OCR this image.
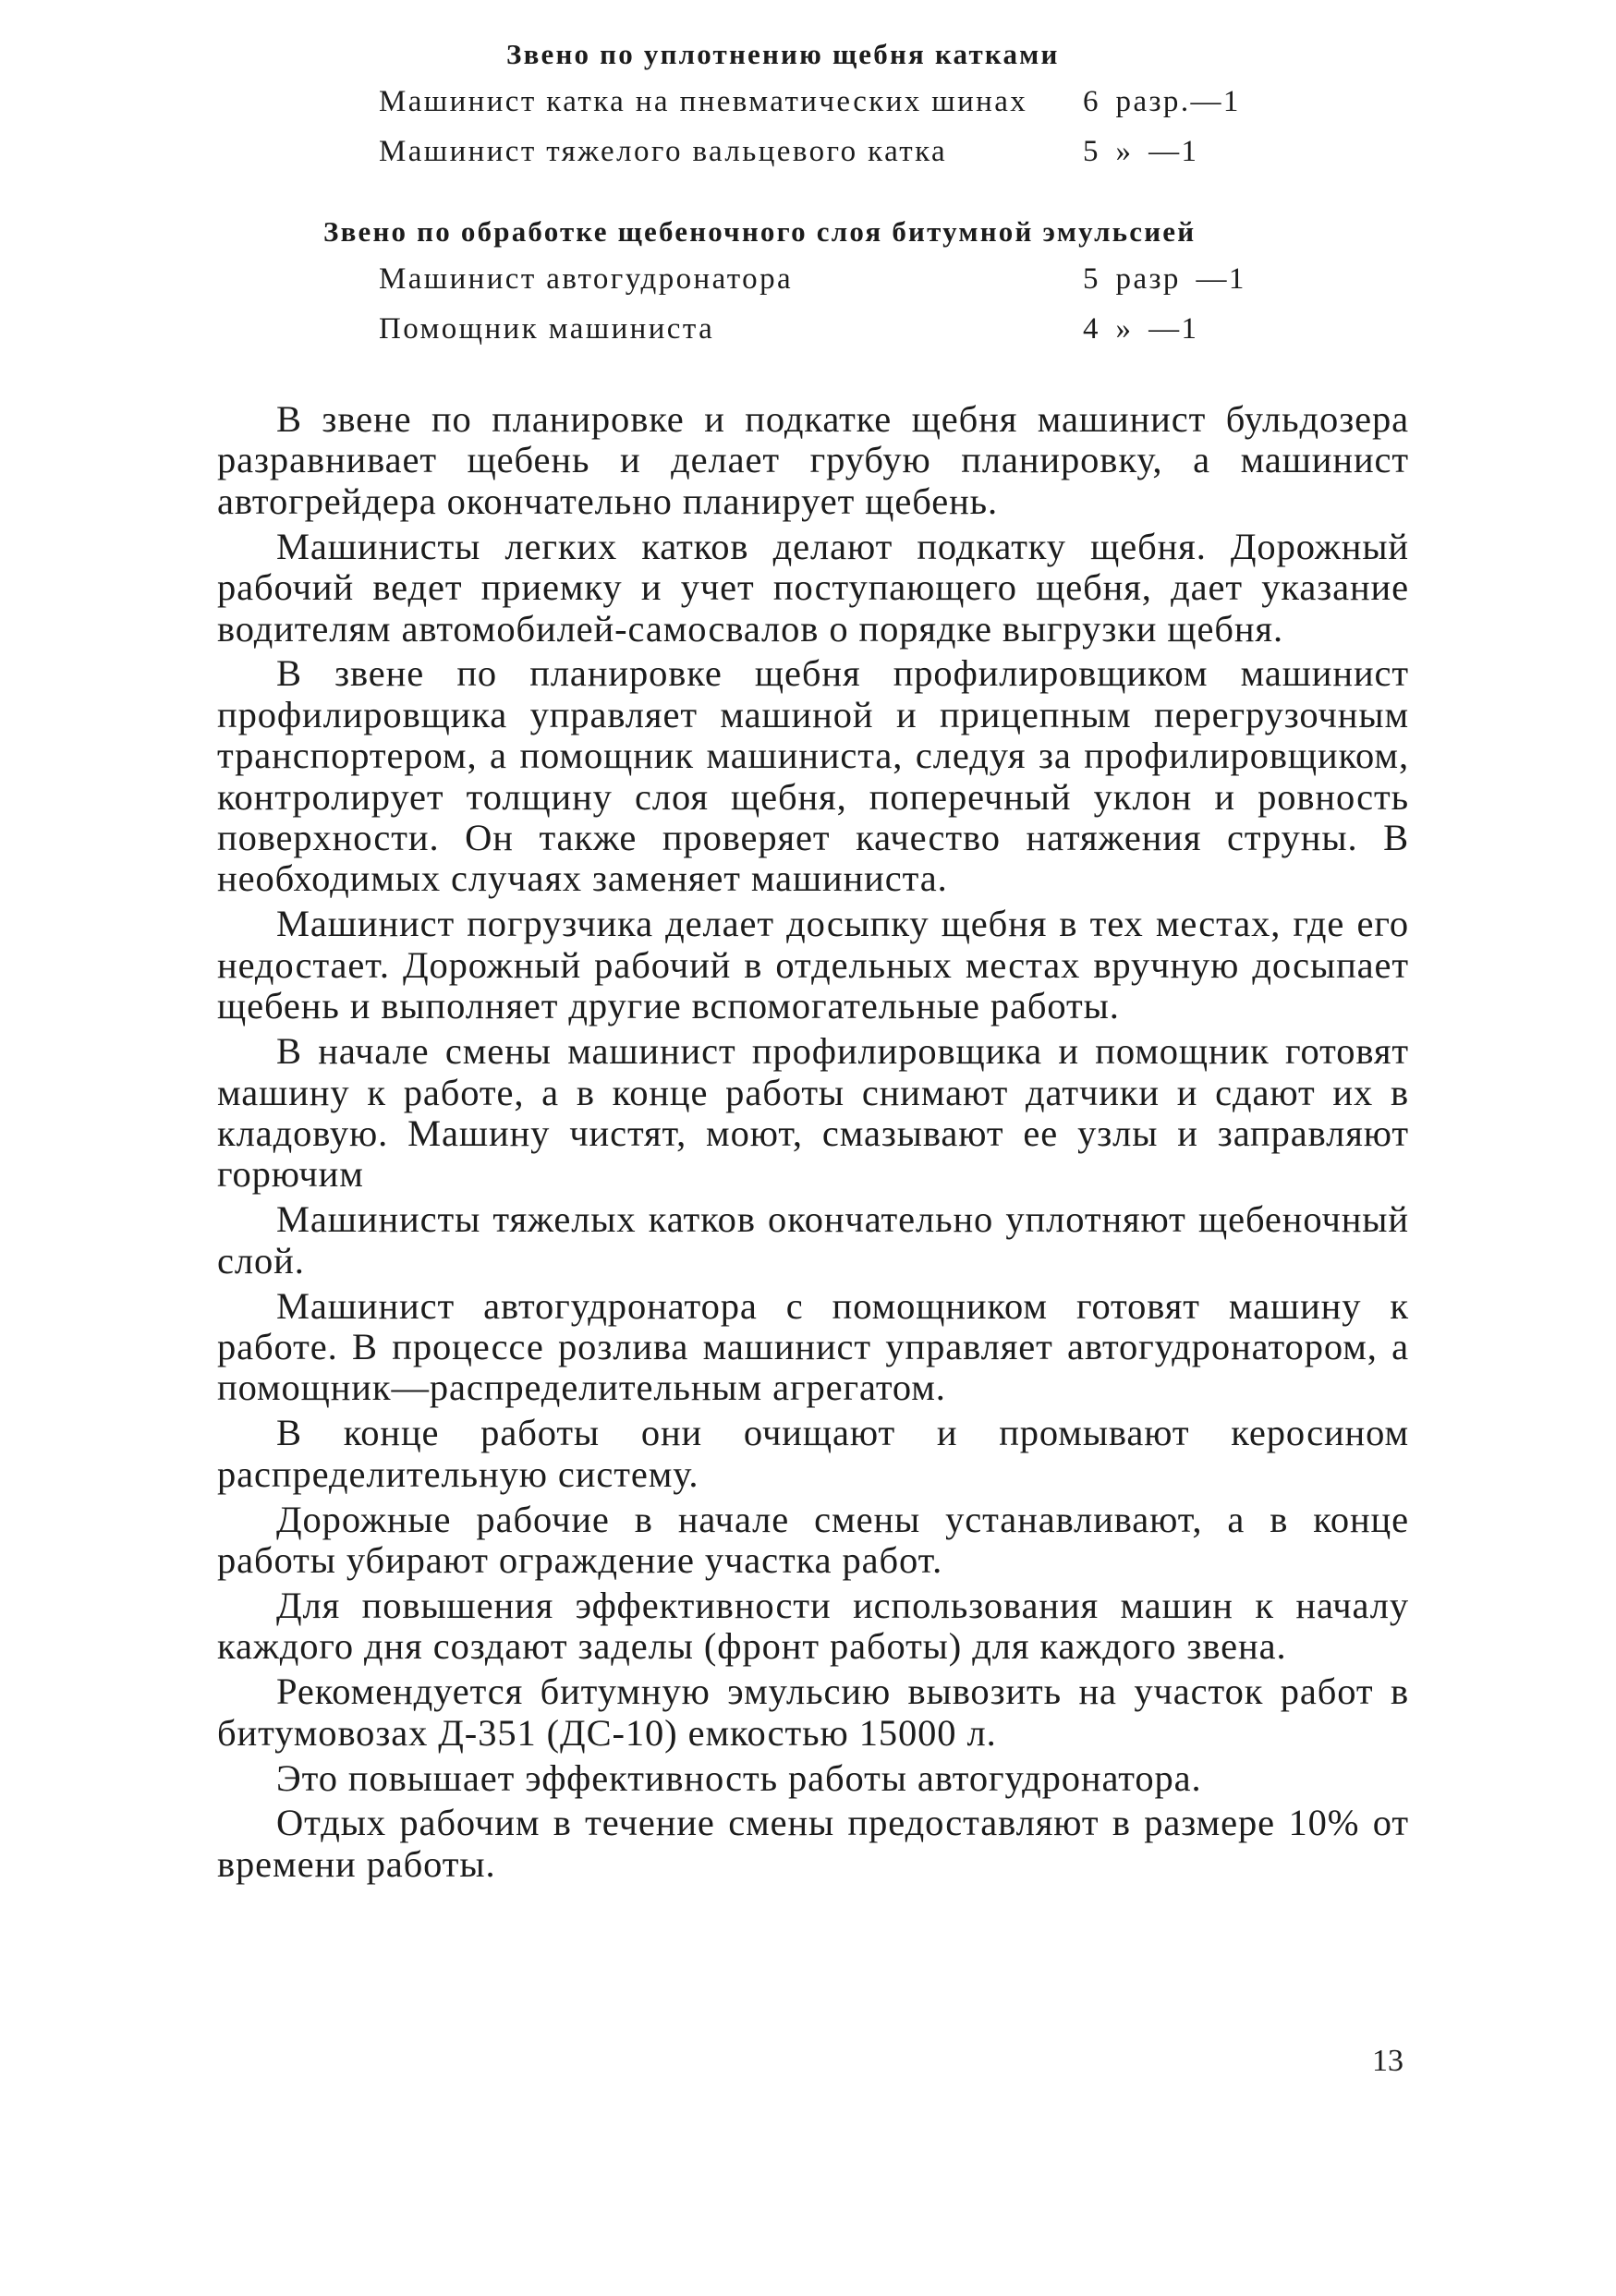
Звено по уплотнению щебня катками
Машинист катка на пневматических шинах 6 разр.—1
Машинист тяжелого вальцевого катка	5 » —1
Звено по обработке щебеночного слоя битумной эмульсией
Машинист автогудронатора	5 разр —1
Помощник машиниста	4 » —1

В звене по планировке и подкатке щебня машинист бульдозера разравнивает щебень и делает грубую планировку, а машинист автогрейдера окончательно планирует щебень.

Машинисты легких катков делают подкатку щебня. Дорожный рабочий ведет приемку и учет поступающего щебня, дает указание водителям автомобилей-самосвалов о порядке выгрузки щебня.

В звене по планировке щебня профилировщиком машинист профилировщика управляет машиной и прицепным перегрузочным транспортером, а помощник машиниста, следуя за профилировщиком, контролирует толщину слоя щебня, поперечный уклон и ровность поверхности. Он также проверяет качество натяжения струны. В необходимых случаях заменяет машиниста.

Машинист погрузчика делает досыпку щебня в тех местах, где его недостает. Дорожный рабочий в отдельных местах вручную досыпает щебень и выполняет другие вспомогательные работы.

В начале смены машинист профилировщика и помощник готовят машину к работе, а в конце работы снимают датчики и сдают их в кладовую. Машину чистят, моют, смазывают ее узлы и заправляют горючим

Машинисты тяжелых катков окончательно уплотняют щебеночный слой.

Машинист автогудронатора с помощником готовят машину к работе. В процессе розлива машинист управляет автогудронатором, а помощник—распределительным агрегатом.

В конце работы они очищают и промывают керосином распределительную систему.

Дорожные рабочие в начале смены устанавливают, а в конце работы убирают ограждение участка работ.

Для повышения эффективности использования машин к началу каждого дня создают заделы (фронт работы) для каждого звена.

Рекомендуется битумную эмульсию вывозить на участок работ в битумовозах Д-351 (ДС-10) емкостью 15000 л.

Это повышает эффективность работы автогудронатора.

Отдых рабочим в течение смены предоставляют в размере 10% от времени работы.

13
